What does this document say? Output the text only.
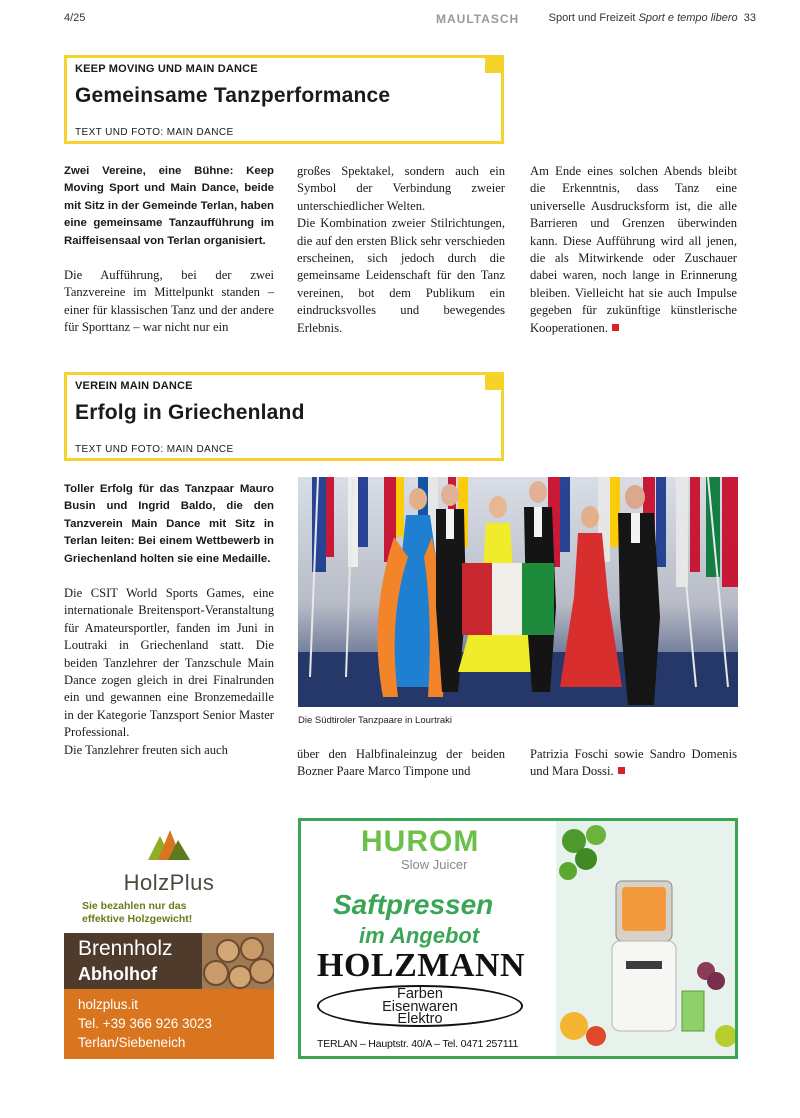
4/25	MAULTASCH	Sport und Freizeit Sport e tempo libero 33
KEEP MOVING UND MAIN DANCE
Gemeinsame Tanzperformance
TEXT UND FOTO: MAIN DANCE

Zwei Vereine, eine Bühne: Keep Moving Sport und Main Dance, beide mit Sitz in der Gemeinde Terlan, haben eine gemeinsame Tanzaufführung im Raiffeisensaal von Terlan organisiert.

Die Aufführung, bei der zwei Tanzvereine im Mittelpunkt standen – einer für klassischen Tanz und der andere für Sporttanz – war nicht nur ein

großes Spektakel, sondern auch ein Symbol der Verbindung zweier unterschiedlicher Welten.

Die Kombination zweier Stilrichtungen, die auf den ersten Blick sehr verschieden erscheinen, sich jedoch durch die gemeinsame Leidenschaft für den Tanz vereinen, bot dem Publikum ein eindrucksvolles und bewegendes Erlebnis.

Am Ende eines solchen Abends bleibt die Erkenntnis, dass Tanz eine universelle Ausdrucksform ist, die alle Barrieren und Grenzen überwinden kann. Diese Aufführung wird all jenen, die als Mitwirkende oder Zuschauer dabei waren, noch lange in Erinnerung bleiben. Vielleicht hat sie auch Impulse gegeben für zukünftige künstlerische Kooperationen.

VEREIN MAIN DANCE
Erfolg in Griechenland
TEXT UND FOTO: MAIN DANCE

Toller Erfolg für das Tanzpaar Mauro Busin und Ingrid Baldo, die den Tanzverein Main Dance mit Sitz in Terlan leiten: Bei einem Wettbewerb in Griechenland holten sie eine Medaille.

Die CSIT World Sports Games, eine internationale Breitensport-Veranstaltung für Amateursportler, fanden im Juni in Loutraki in Griechenland statt. Die beiden Tanzlehrer der Tanzschule Main Dance zogen gleich in drei Finalrunden ein und gewannen eine Bronzemedaille in der Kategorie Tanzsport Senior Master Professional.

Die Tanzlehrer freuten sich auch

Die Südtiroler Tanzpaare in Lourtraki

über den Halbfinaleinzug der beiden Bozner Paare Marco Timpone und

Patrizia Foschi sowie Sandro Domenis und Mara Dossi.

HolzPlus
Sie bezahlen nur das
effektive Holzgewicht!
Brennholz
Abholhof
holzplus.it
Tel. +39 366 926 3023
Terlan/Siebeneich
HUROM
Slow Juicer
Saftpressen
im Angebot
HOLZMANN
Farben
Eisenwaren
Elektro
TERLAN – Hauptstr. 40/A – Tel. 0471 257111
